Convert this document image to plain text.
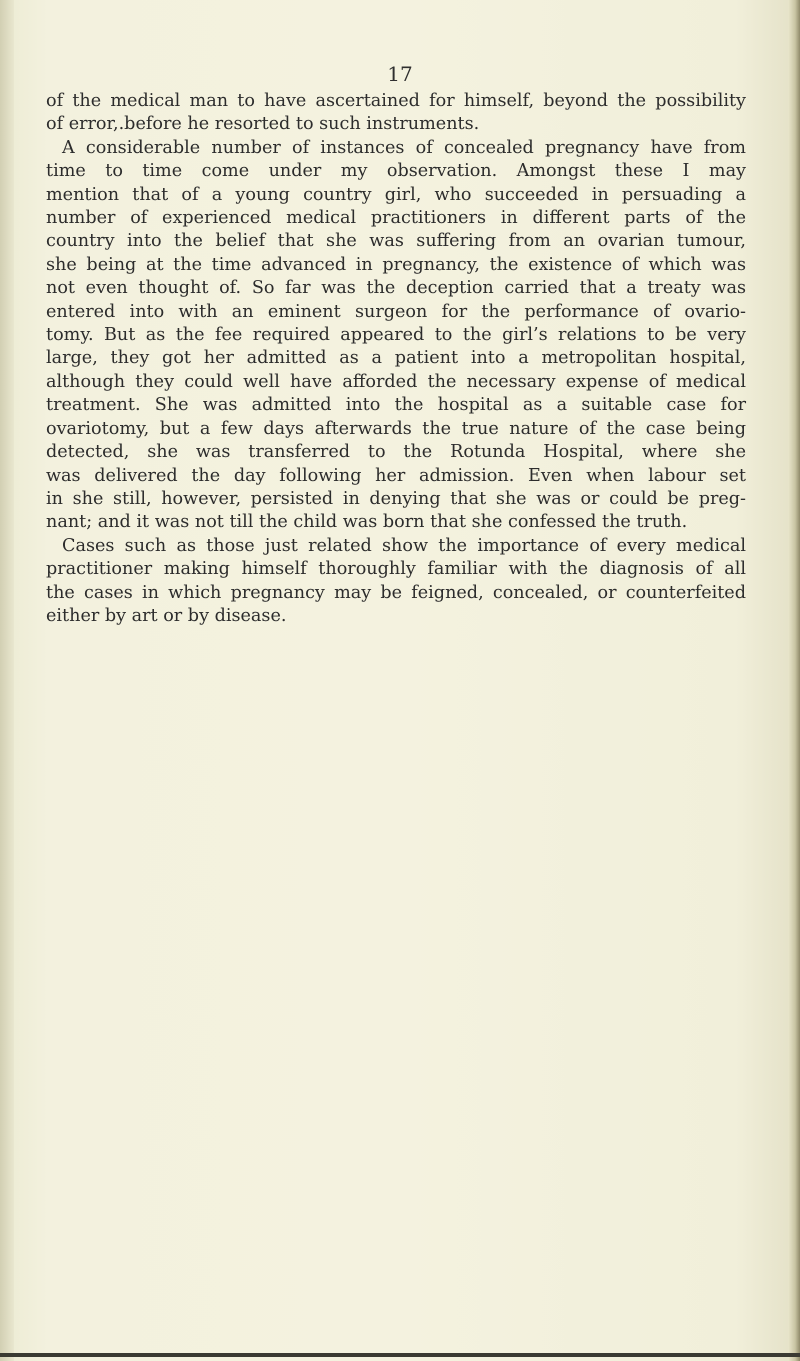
17
of the medical man to have ascertained for himself, beyond the possibility
of error,.before he resorted to such instruments.
A considerable number of instances of concealed pregnancy have from
time to time come under my observation. Amongst these I may
mention that of a young country girl, who succeeded in persuading a
number of experienced medical practitioners in different parts of the
country into the belief that she was suffering from an ovarian tumour,
she being at the time advanced in pregnancy, the existence of which was
not even thought of. So far was the deception carried that a treaty was
entered into with an eminent surgeon for the performance of ovario-
tomy. But as the fee required appeared to the girl’s relations to be very
large, they got her admitted as a patient into a metropolitan hospital,
although they could well have afforded the necessary expense of medical
treatment. She was admitted into the hospital as a suitable case for
ovariotomy, but a few days afterwards the true nature of the case being
detected, she was transferred to the Rotunda Hospital, where she
was delivered the day following her admission. Even when labour set
in she still, however, persisted in denying that she was or could be preg-
nant; and it was not till the child was born that she confessed the truth.
Cases such as those just related show the importance of every medical
practitioner making himself thoroughly familiar with the diagnosis of all
the cases in which pregnancy may be feigned, concealed, or counterfeited
either by art or by disease.
